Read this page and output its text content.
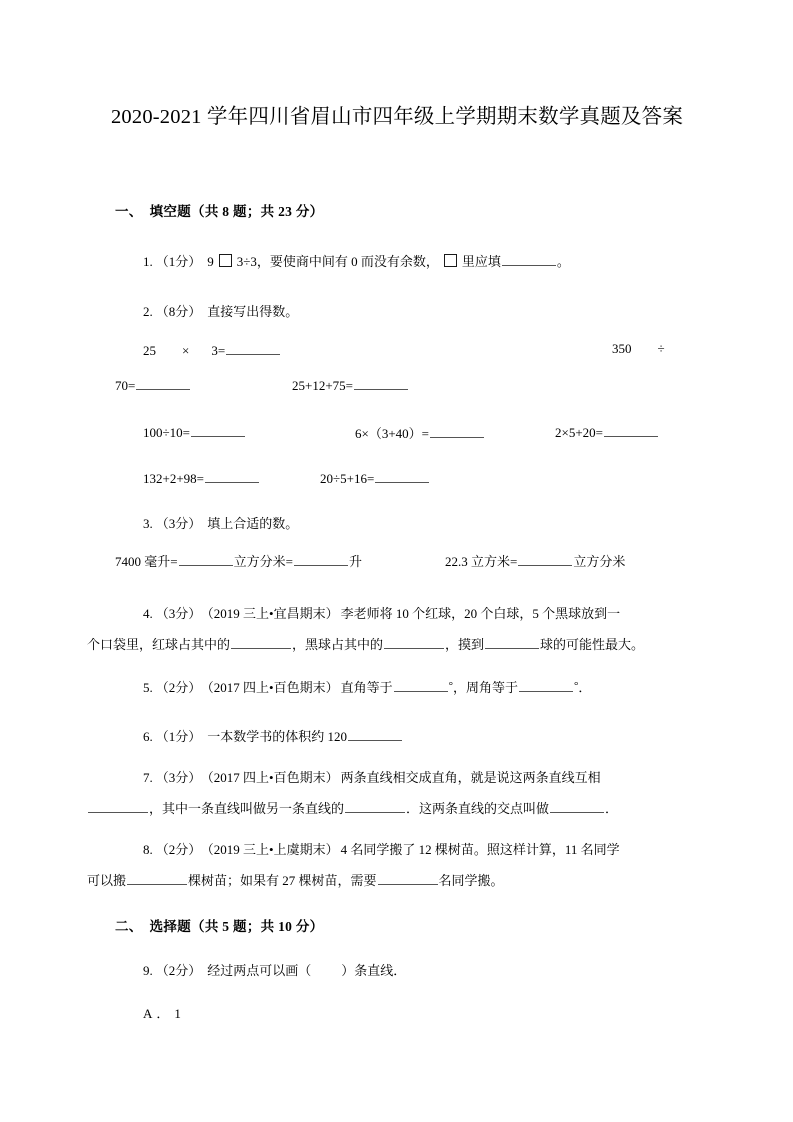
2020-2021 学年四川省眉山市四年级上学期期末数学真题及答案
一、 填空题（共 8 题；共 23 分）
1. （1分） 9 3÷3，要使商中间有 0 而没有余数， 里应填	。
2. （8分） 直接写出得数。
25 × 3=	350 ÷
70=	25+12+75=
100÷10=	6×（3+40）=	2×5+20=
132+2+98=	20÷5+16=
3. （3分） 填上合适的数。
7400 毫升=	立方分米=	升	22.3 立方米=	立方分米
4. （3分） （2019 三上•宜昌期末） 李老师将 10 个红球，20 个白球，5 个黑球放到一
个口袋里，红球占其中的	，黑球占其中的	，摸到	球的可能性最大。
5. （2分） （2017 四上•百色期末） 直角等于	°，周角等于	°．
6. （1分） 一本数学书的体积约 120
7. （3分） （2017 四上•百色期末） 两条直线相交成直角，就是说这两条直线互相
，其中一条直线叫做另一条直线的	．这两条直线的交点叫做	．
8. （2分） （2019 三上•上虞期末） 4 名同学搬了 12 棵树苗。照这样计算，11 名同学
可以搬	棵树苗；如果有 27 棵树苗，需要	名同学搬。
二、 选择题（共 5 题；共 10 分）
9. （2分） 经过两点可以画（ ）条直线．
A ． 1
